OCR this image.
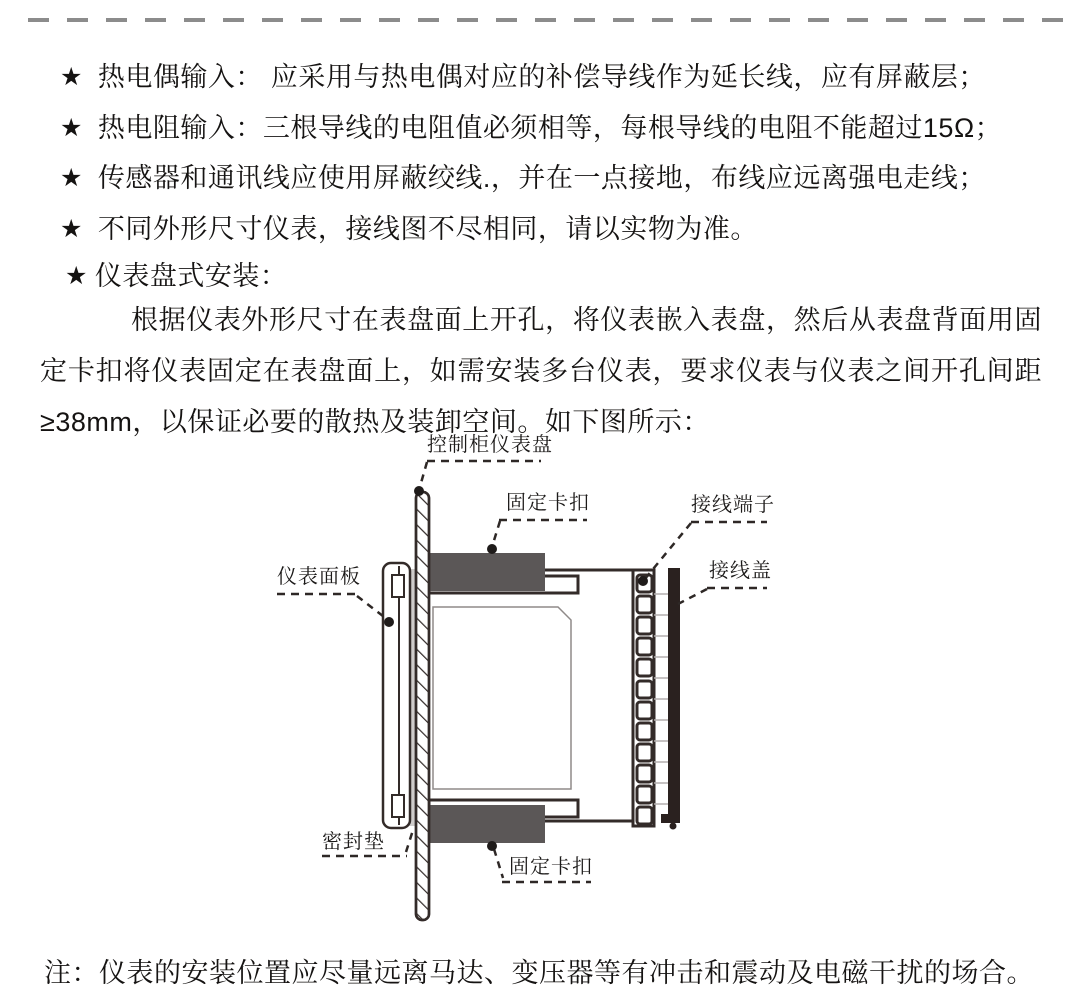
★ 热电偶输入： 应采用与热电偶对应的补偿导线作为延长线，应有屏蔽层；
★ 热电阻输入：三根导线的电阻值必须相等，每根导线的电阻不能超过15Ω；
★ 传感器和通讯线应使用屏蔽绞线.，并在一点接地，布线应远离强电走线；
★ 不同外形尺寸仪表，接线图不尽相同，请以实物为准。
★ 仪表盘式安装：
根据仪表外形尺寸在表盘面上开孔，将仪表嵌入表盘，然后从表盘背面用固定卡扣将仪表固定在表盘面上，如需安装多台仪表，要求仪表与仪表之间开孔间距≥38mm，以保证必要的散热及装卸空间。如下图所示：
控制柜仪表盘
固定卡扣	接线端子
接线盖
仪表面板
密封垫
固定卡扣
注：仪表的安装位置应尽量远离马达、变压器等有冲击和震动及电磁干扰的场合。
